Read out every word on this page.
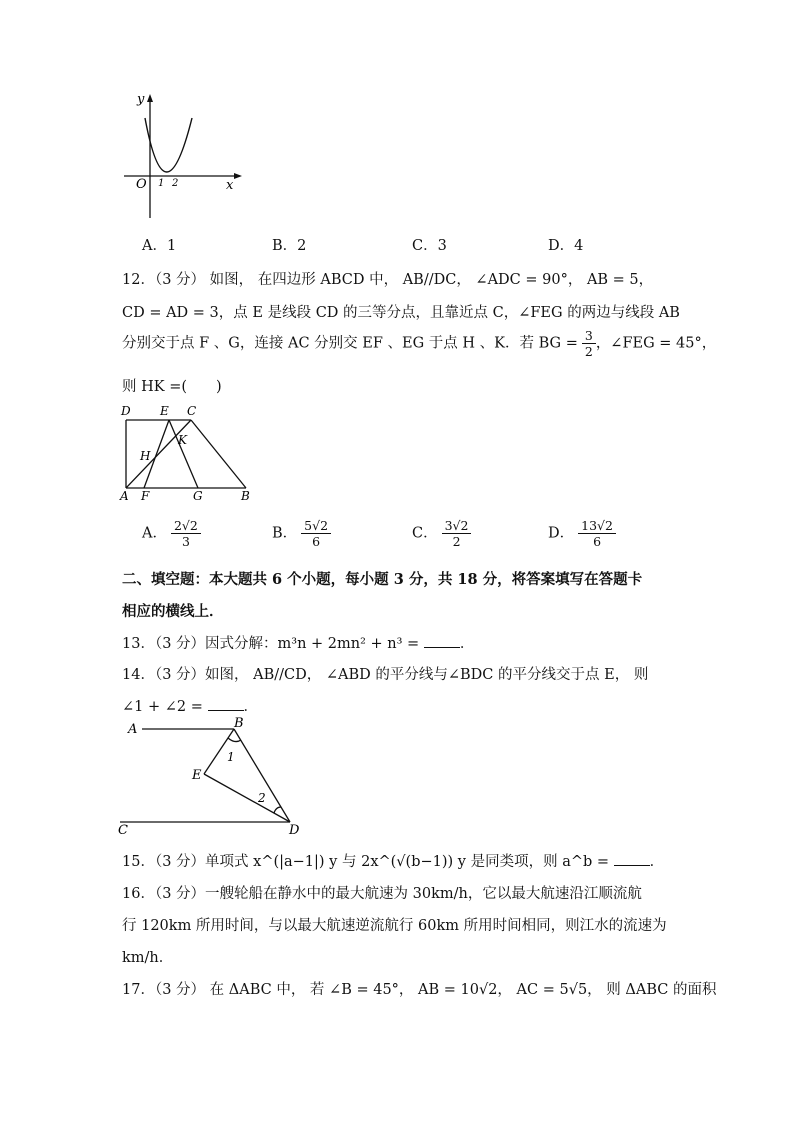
y
x
O 1 2
A．1	B．2	C．3	D．4
12．（3 分） 如图， 在四边形 ABCD 中， AB//DC， ∠ADC = 90°， AB = 5，
CD = AD = 3，点 E 是线段 CD 的三等分点，且靠近点 C，∠FEG 的两边与线段 AB
分别交于点 F 、G，连接 AC 分别交 EF 、EG 于点 H 、K．若 BG = $\frac{3}{2}$ ，∠FEG = 45°，
则 HK =(　　)
D E C
K
H
A F	G	B
A． $\frac{2√2}{3}$	B． $\frac{5√2}{6}$	C． $\frac{3√2}{2}$	D． $\frac{13√2}{6}$
二、填空题：本大题共 6 个小题，每小题 3 分，共 18 分，将答案填写在答题卡
相应的横线上．
13．（3 分）因式分解：m³n + 2mn² + n³ =	．
14．（3 分）如图， AB//CD， ∠ABD 的平分线与∠BDC 的平分线交于点 E， 则
∠1 + ∠2 =	．
A	B
E
C	D
1
2
15．（3 分）单项式 x^(|a−1|) y 与 2x^(√(b−1)) y 是同类项，则 a^b =	．
16．（3 分）一艘轮船在静水中的最大航速为 30km/h，它以最大航速沿江顺流航
行 120km 所用时间，与以最大航速逆流航行 60km 所用时间相同，则江水的流速为
km/h．
17．（3 分） 在 ΔABC 中， 若 ∠B = 45°， AB = 10√2， AC = 5√5， 则 ΔABC 的面积
